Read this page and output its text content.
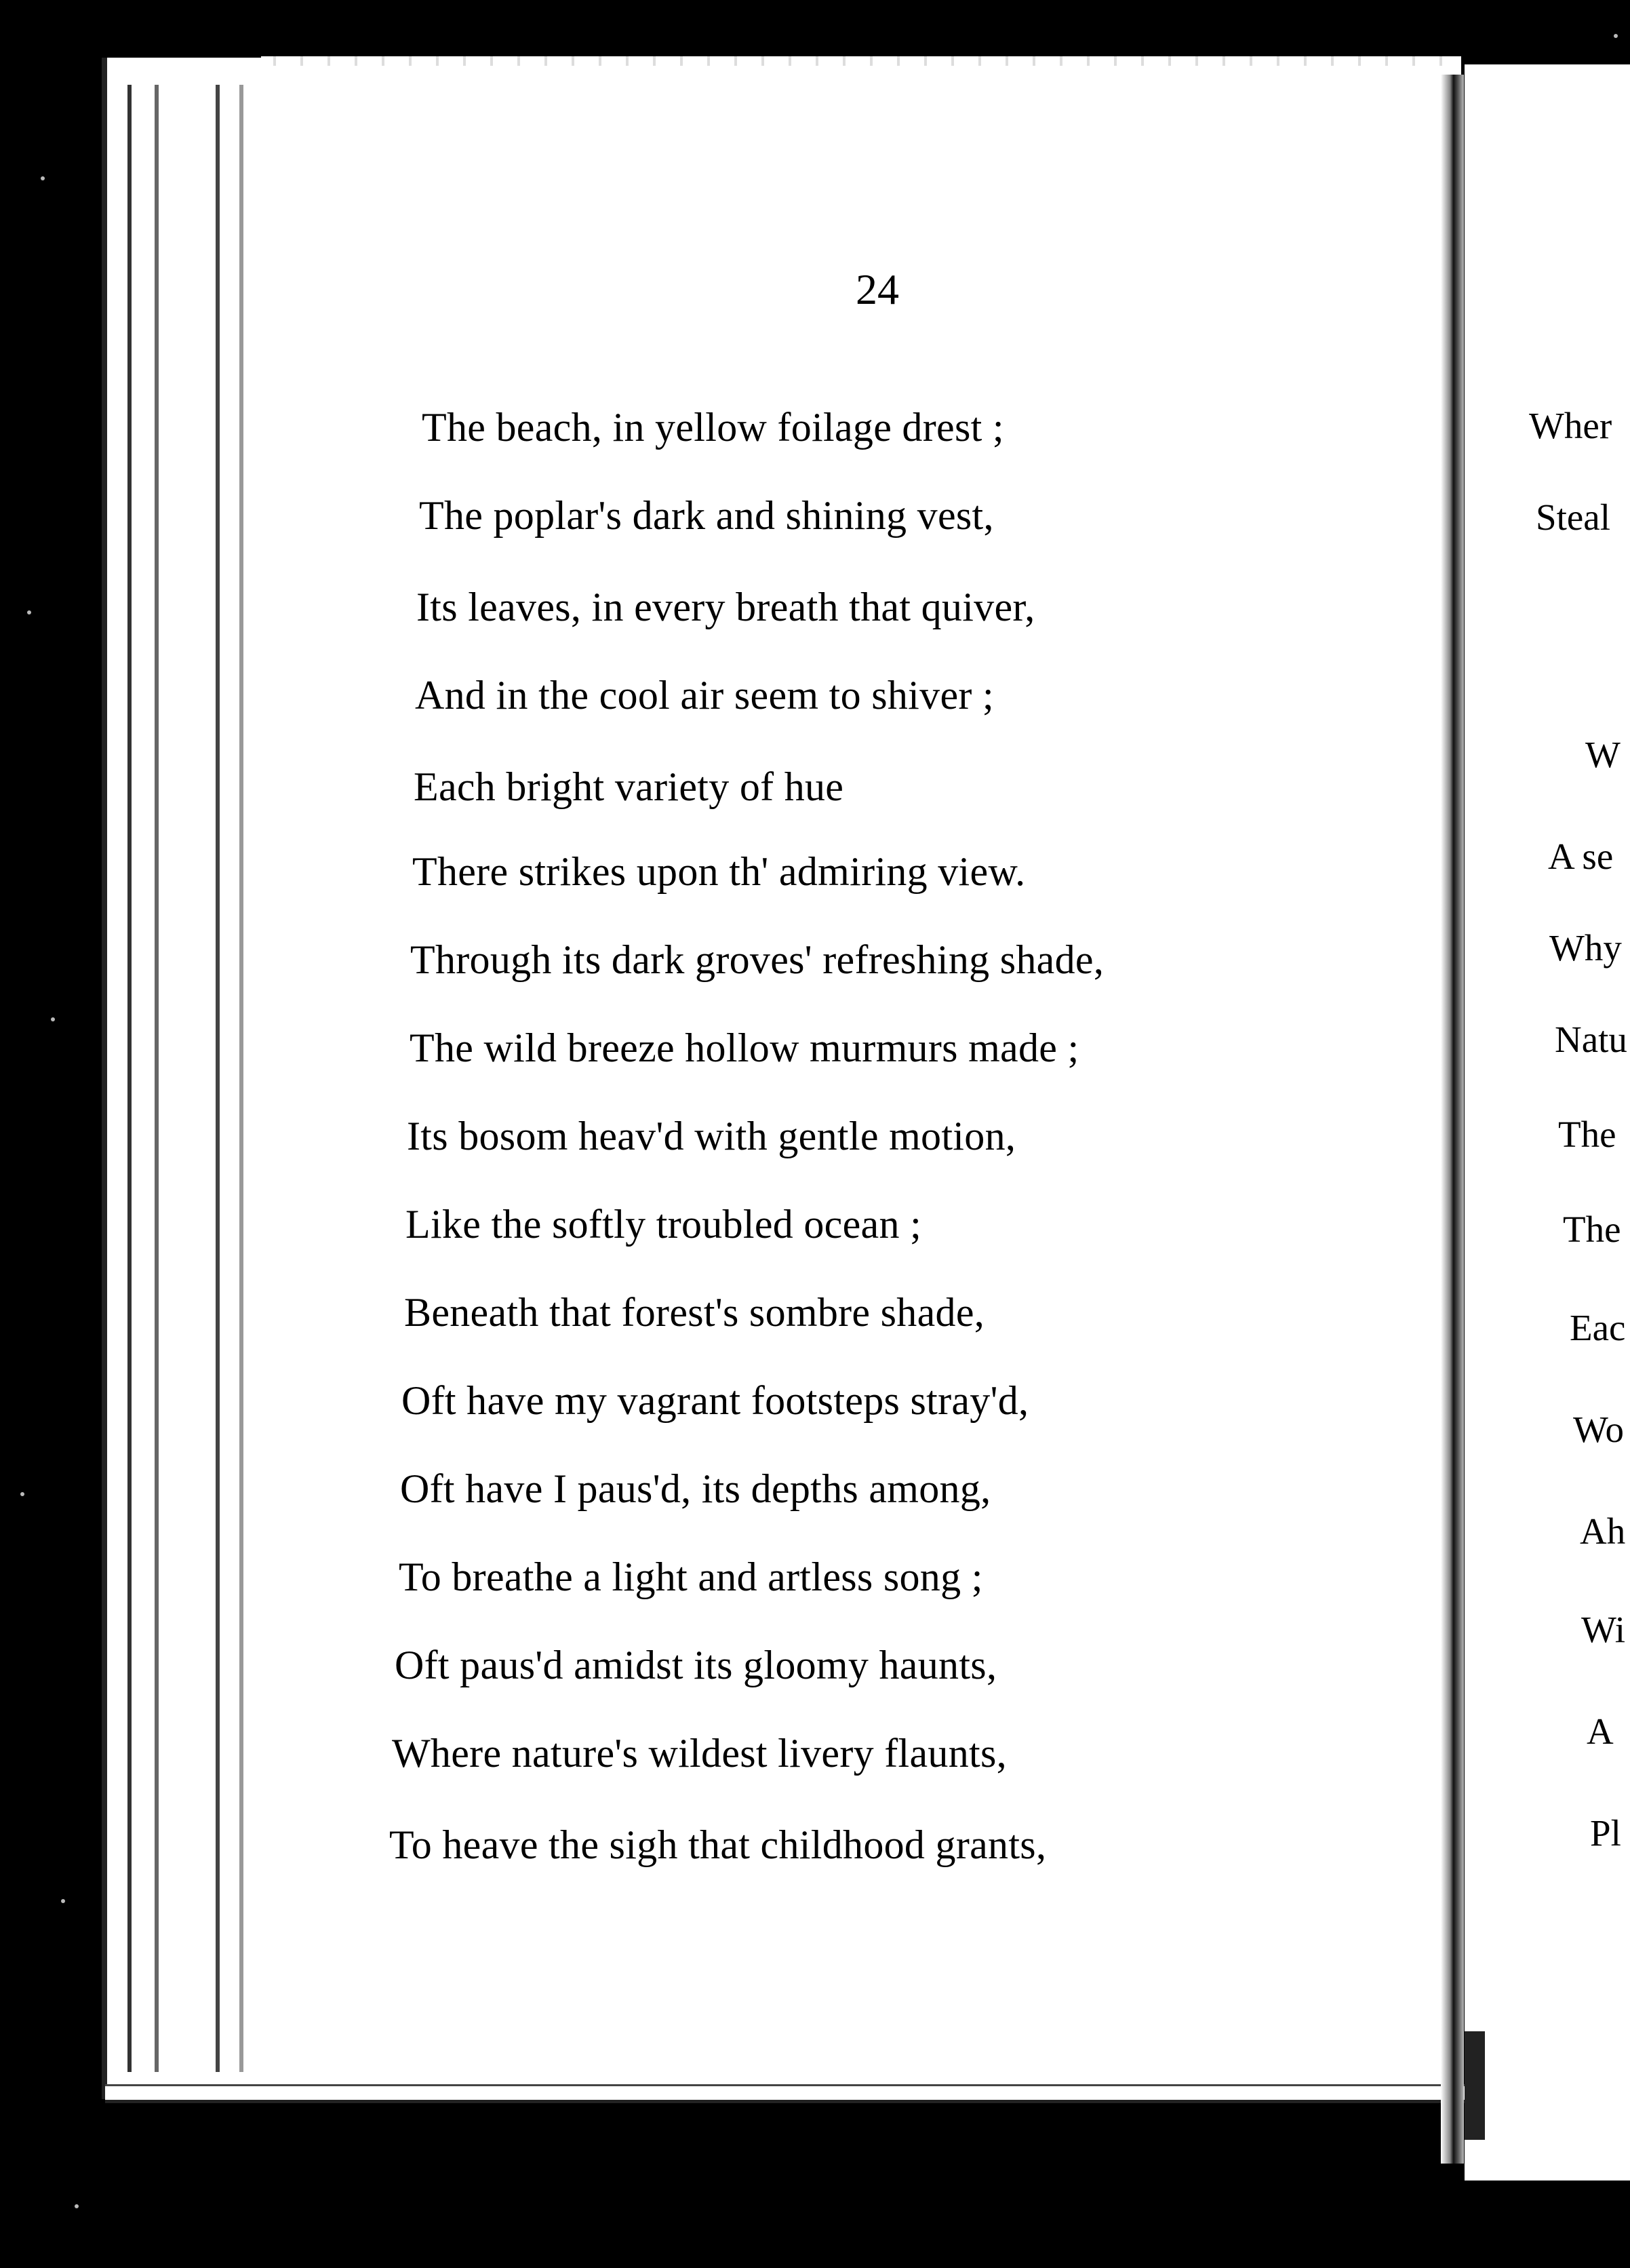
Wher
Steal
W
A se
Why
Natu
The
The
Eac
Wo
Ah
Wi
A
Pl
24
The beach, in yellow foilage drest ;
The poplar's dark and shining vest,
Its leaves, in every breath that quiver,
And in the cool air seem to shiver ;
Each bright variety of hue
There strikes upon th' admiring view.
Through its dark groves' refreshing shade,
The wild breeze hollow murmurs made ;
Its bosom heav'd with gentle motion,
Like the softly troubled ocean ;
Beneath that forest's sombre shade,
Oft have my vagrant footsteps stray'd,
Oft have I paus'd, its depths among,
To breathe a light and artless song ;
Oft paus'd amidst its gloomy haunts,
Where nature's wildest livery flaunts,
To heave the sigh that childhood grants,
